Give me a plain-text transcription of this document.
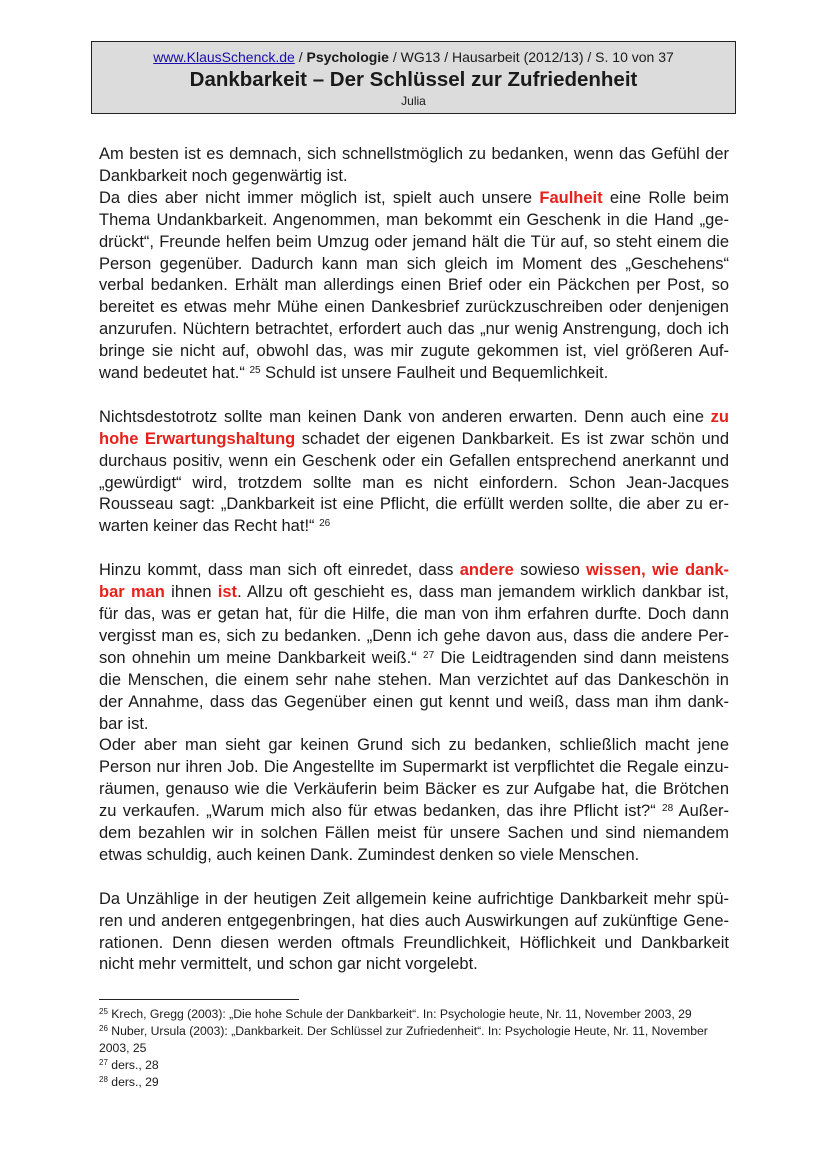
www.KlausSchenck.de / Psychologie / WG13 / Hausarbeit (2012/13) / S. 10 von 37
Dankbarkeit – Der Schlüssel zur Zufriedenheit
Julia

Am besten ist es demnach, sich schnellstmöglich zu bedanken, wenn das Gefühl der Dankbarkeit noch gegenwärtig ist.

Da dies aber nicht immer möglich ist, spielt auch unsere Faulheit eine Rolle beim Thema Undankbarkeit. Angenommen, man bekommt ein Geschenk in die Hand „ge-drückt“, Freunde helfen beim Umzug oder jemand hält die Tür auf, so steht einem die Person gegenüber. Dadurch kann man sich gleich im Moment des „Geschehens“ verbal bedanken. Erhält man allerdings einen Brief oder ein Päckchen per Post, so bereitet es etwas mehr Mühe einen Dankesbrief zurückzuschreiben oder denjenigen anzurufen. Nüchtern betrachtet, erfordert auch das „nur wenig Anstrengung, doch ich bringe sie nicht auf, obwohl das, was mir zugute gekommen ist, viel größeren Auf-wand bedeutet hat.“ $^{25}$ Schuld ist unsere Faulheit und Bequemlichkeit.

Nichtsdestotrotz sollte man keinen Dank von anderen erwarten. Denn auch eine zu hohe Erwartungshaltung schadet der eigenen Dankbarkeit. Es ist zwar schön und durchaus positiv, wenn ein Geschenk oder ein Gefallen entsprechend anerkannt und „gewürdigt“ wird, trotzdem sollte man es nicht einfordern. Schon Jean-Jacques Rousseau sagt: „Dankbarkeit ist eine Pflicht, die erfüllt werden sollte, die aber zu er-warten keiner das Recht hat!“ $^{26}$

Hinzu kommt, dass man sich oft einredet, dass andere sowieso wissen, wie dank-bar man ihnen ist. Allzu oft geschieht es, dass man jemandem wirklich dankbar ist, für das, was er getan hat, für die Hilfe, die man von ihm erfahren durfte. Doch dann vergisst man es, sich zu bedanken. „Denn ich gehe davon aus, dass die andere Per-son ohnehin um meine Dankbarkeit weiß.“ $^{27}$ Die Leidtragenden sind dann meistens die Menschen, die einem sehr nahe stehen. Man verzichtet auf das Dankeschön in der Annahme, dass das Gegenüber einen gut kennt und weiß, dass man ihm dank-bar ist.

Oder aber man sieht gar keinen Grund sich zu bedanken, schließlich macht jene Person nur ihren Job. Die Angestellte im Supermarkt ist verpflichtet die Regale einzu-räumen, genauso wie die Verkäuferin beim Bäcker es zur Aufgabe hat, die Brötchen zu verkaufen. „Warum mich also für etwas bedanken, das ihre Pflicht ist?“ $^{28}$ Außer-dem bezahlen wir in solchen Fällen meist für unsere Sachen und sind niemandem etwas schuldig, auch keinen Dank. Zumindest denken so viele Menschen.

Da Unzählige in der heutigen Zeit allgemein keine aufrichtige Dankbarkeit mehr spü-ren und anderen entgegenbringen, hat dies auch Auswirkungen auf zukünftige Gene-rationen. Denn diesen werden oftmals Freundlichkeit, Höflichkeit und Dankbarkeit nicht mehr vermittelt, und schon gar nicht vorgelebt.

$^{25}$ Krech, Gregg (2003): „Die hohe Schule der Dankbarkeit“. In: Psychologie heute, Nr. 11, November 2003, 29
$^{26}$ Nuber, Ursula (2003): „Dankbarkeit. Der Schlüssel zur Zufriedenheit“. In: Psychologie Heute, Nr. 11, November 2003, 25
$^{27}$ ders., 28
$^{28}$ ders., 29
